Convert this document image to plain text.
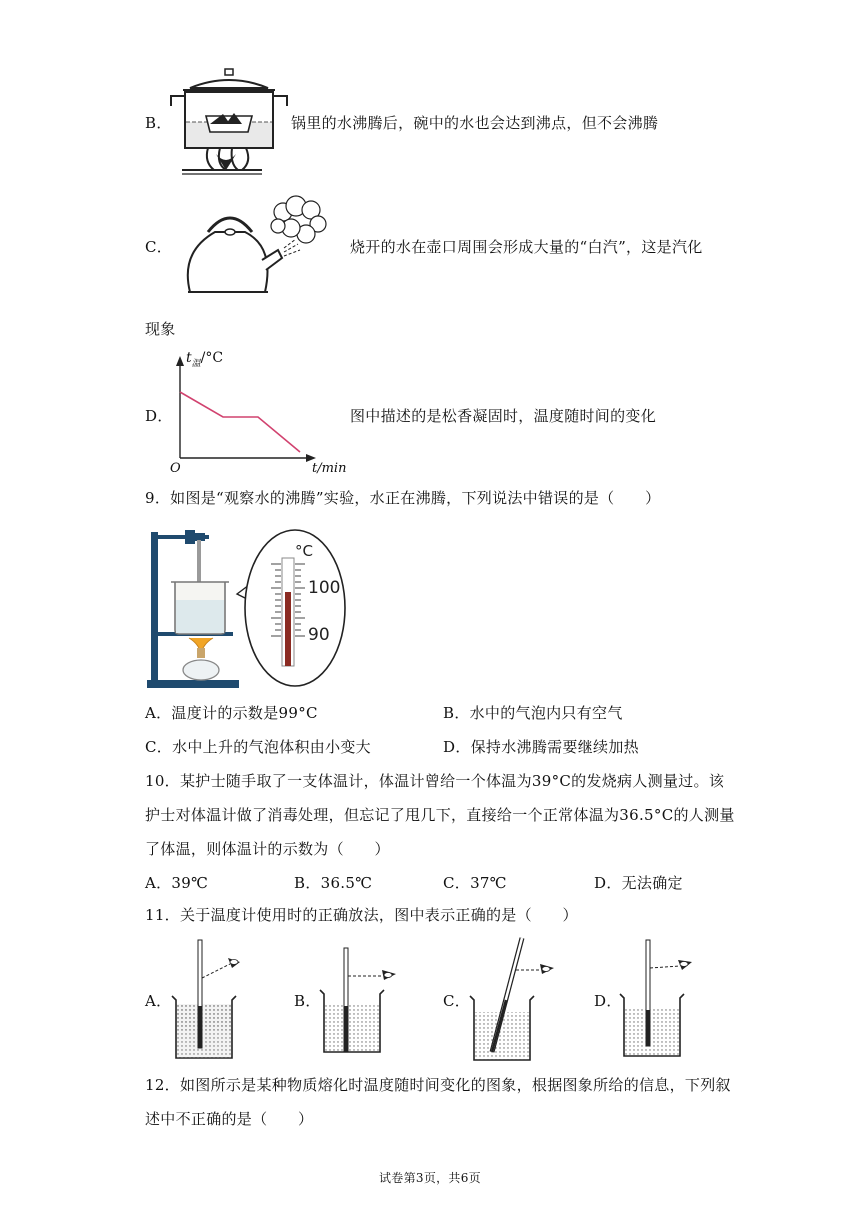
B．	锅里的水沸腾后，碗中的水也会达到沸点，但不会沸腾
C．	烧开的水在壶口周围会形成大量的“白汽”，这是汽化
现象
D．
$t_温/^\circ C$
O	t/min
图中描述的是松香凝固时，温度随时间的变化
9．如图是“观察水的沸腾”实验，水正在沸腾，下列说法中错误的是（　　）
°C
100
90
A．温度计的示数是99°C	B．水中的气泡内只有空气
C．水中上升的气泡体积由小变大	D．保持水沸腾需要继续加热
10．某护士随手取了一支体温计，体温计曾给一个体温为39°C的发烧病人测量过。该
护士对体温计做了消毒处理，但忘记了甩几下，直接给一个正常体温为36.5°C的人测量
了体温，则体温计的示数为（　　）
A．39℃	B．36.5℃	C．37℃	D．无法确定
11．关于温度计使用时的正确放法，图中表示正确的是（　　）
A．	B．	C．	D．
12．如图所示是某种物质熔化时温度随时间变化的图象，根据图象所给的信息，下列叙
述中不正确的是（　　）
试卷第3页，共6页
